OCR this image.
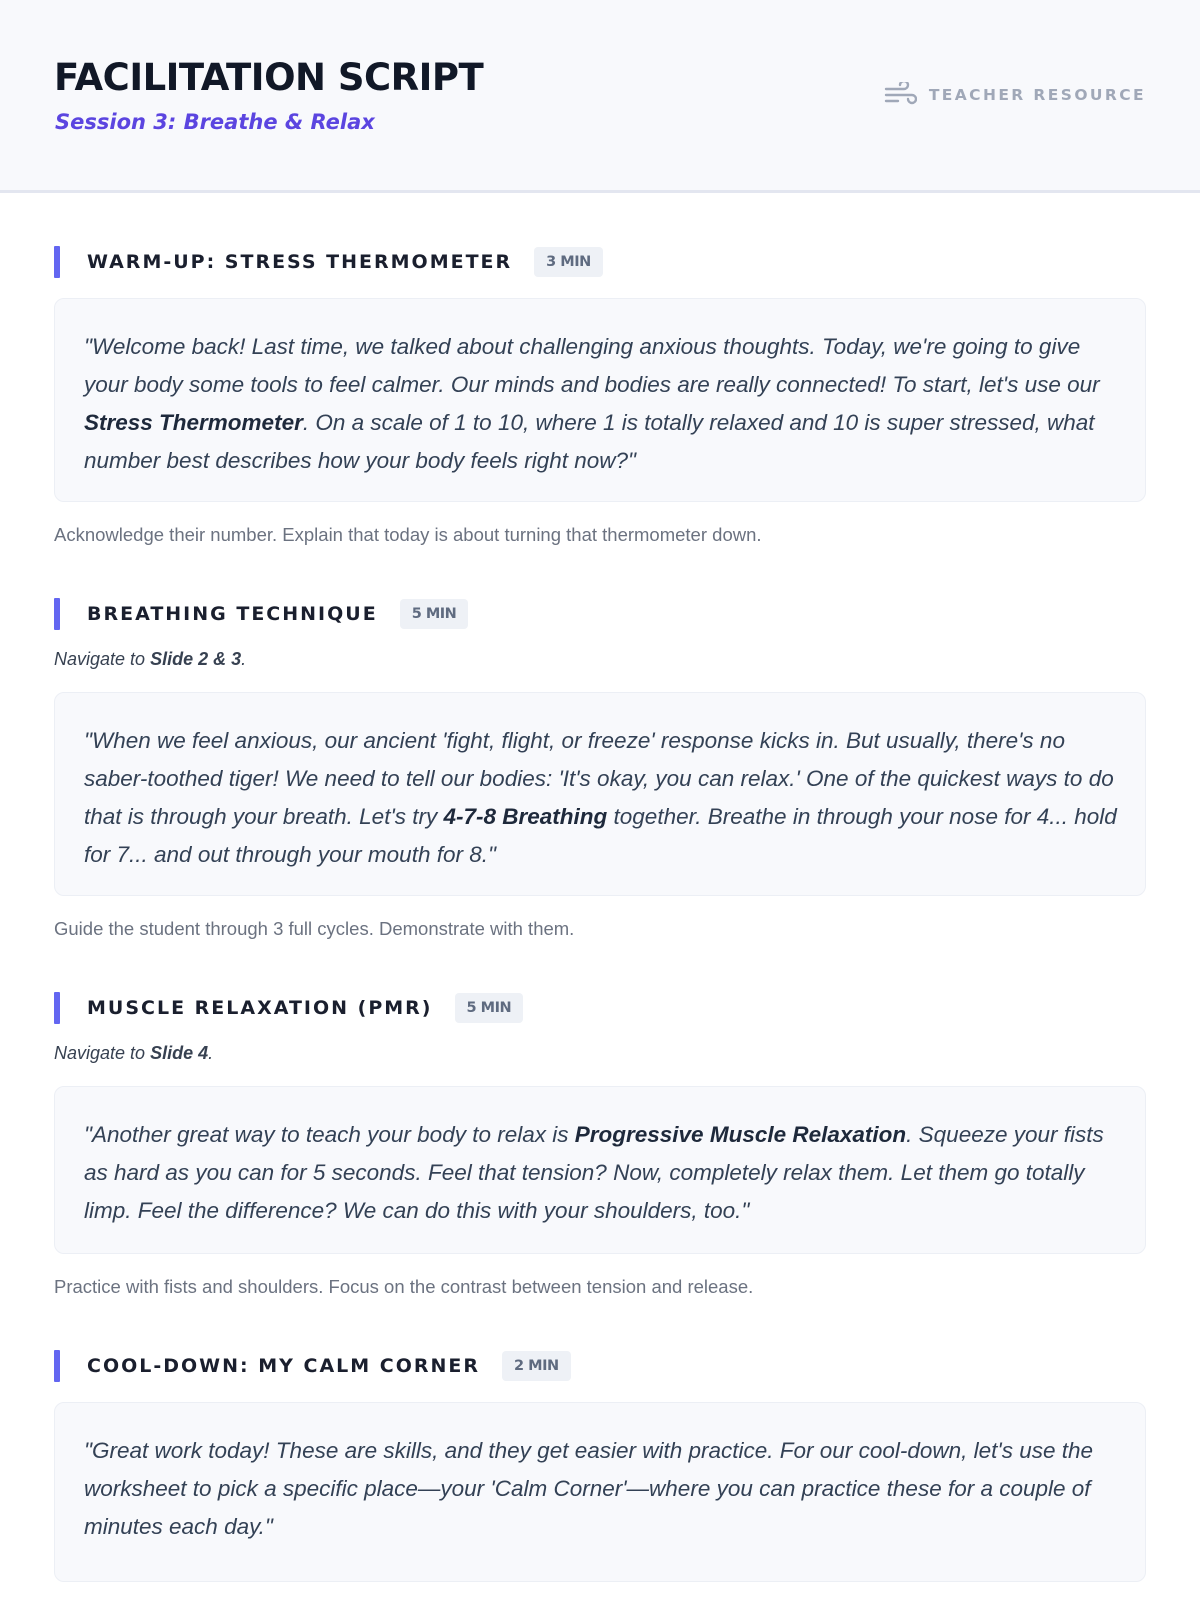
FACILITATION SCRIPT
Session 3: Breathe & Relax
TEACHER RESOURCE
WARM-UP: STRESS THERMOMETER	3 MIN
"Welcome back! Last time, we talked about challenging anxious thoughts. Today, we're going to give your body some tools to feel calmer. Our minds and bodies are really connected! To start, let's use our Stress Thermometer. On a scale of 1 to 10, where 1 is totally relaxed and 10 is super stressed, what number best describes how your body feels right now?"
Acknowledge their number. Explain that today is about turning that thermometer down.
BREATHING TECHNIQUE	5 MIN
Navigate to Slide 2 & 3.
"When we feel anxious, our ancient 'fight, flight, or freeze' response kicks in. But usually, there's no saber-toothed tiger! We need to tell our bodies: 'It's okay, you can relax.' One of the quickest ways to do that is through your breath. Let's try 4-7-8 Breathing together. Breathe in through your nose for 4... hold for 7... and out through your mouth for 8."
Guide the student through 3 full cycles. Demonstrate with them.
MUSCLE RELAXATION (PMR)	5 MIN
Navigate to Slide 4.
"Another great way to teach your body to relax is Progressive Muscle Relaxation. Squeeze your fists as hard as you can for 5 seconds. Feel that tension? Now, completely relax them. Let them go totally limp. Feel the difference? We can do this with your shoulders, too."
Practice with fists and shoulders. Focus on the contrast between tension and release.
COOL-DOWN: MY CALM CORNER	2 MIN
"Great work today! These are skills, and they get easier with practice. For our cool-down, let's use the worksheet to pick a specific place—your 'Calm Corner'—where you can practice these for a couple of minutes each day."
